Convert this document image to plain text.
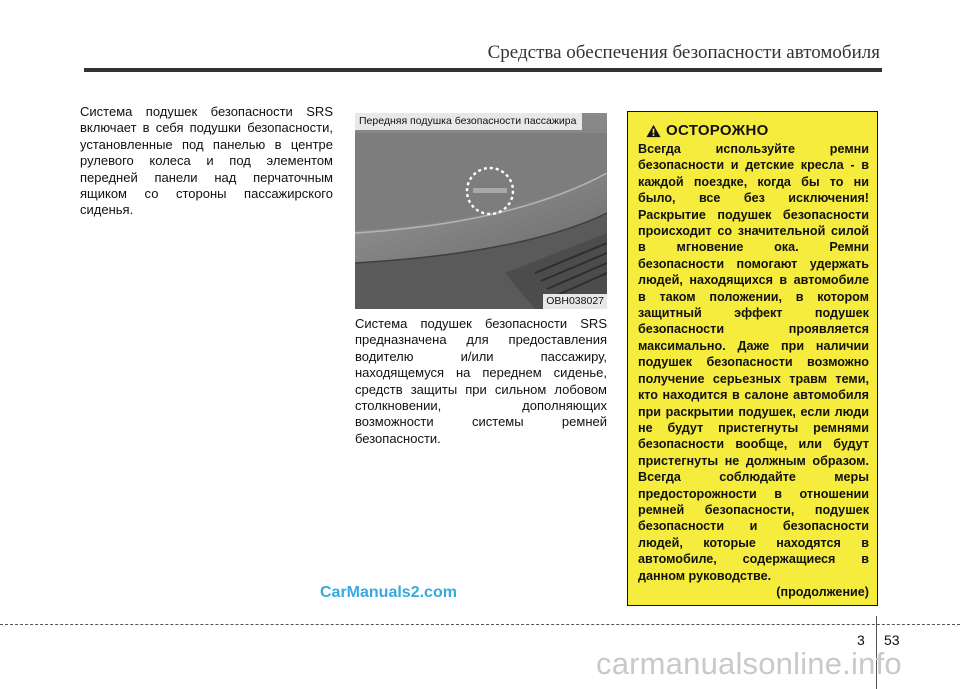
Средства обеспечения безопасности автомобиля
Система подушек безопасности SRS включает в себя подушки безопасности, установленные под панелью в центре рулевого колеса и под элементом передней панели над перчаточным ящиком со стороны пассажирского сиденья.
Передняя подушка безопасности пассажира
OBH038027
Система подушек безопасности SRS предназначена для предоставления водителю и/или пассажиру, находящемуся на переднем сиденье, средств защиты при сильном лобовом столкновении, дополняющих возможности системы ремней безопасности.
ОСТОРОЖНО
Всегда используйте ремни безопасности и детские кресла - в каждой поездке, когда бы то ни было, все без исключения! Раскрытие подушек безопасности происходит со значительной силой в мгновение ока. Ремни безопасности помогают удержать людей, находящихся в автомобиле в таком положении, в котором защитный эффект подушек безопасности проявляется максимально. Даже при наличии подушек безопасности возможно получение серьезных травм теми, кто находится в салоне автомобиля при раскрытии подушек, если люди не будут пристегнуты ремнями безопасности вообще, или будут пристегнуты не должным образом. Всегда соблюдайте меры предосторожности в отношении ремней безопасности, подушек безопасности и безопасности людей, которые находятся в автомобиле, содержащиеся в данном руководстве.
(продолжение)
CarManuals2.com
3 53
carmanualsonline.info
